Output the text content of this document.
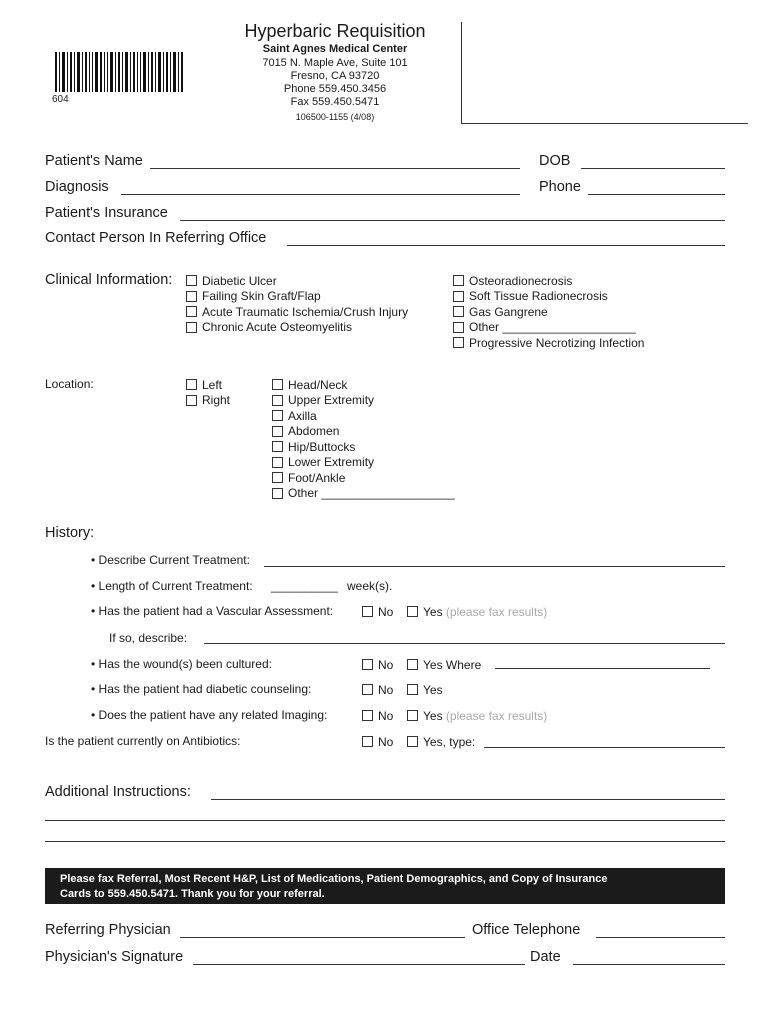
604
Hyperbaric Requisition
Saint Agnes Medical Center
7015 N. Maple Ave, Suite 101
Fresno, CA 93720
Phone 559.450.3456
Fax 559.450.5471
106500-1155 (4/08)
Patient's Name	DOB
Diagnosis	Phone
Patient's Insurance
Contact Person In Referring Office
Clinical Information: Diabetic Ulcer
Failing Skin Graft/Flap
Acute Traumatic Ischemia/Crush Injury
Chronic Acute Osteomyelitis
Osteoradionecrosis
Soft Tissue Radionecrosis
Gas Gangrene
Other ____________________
Progressive Necrotizing Infection
Location:	Left
Right
Head/Neck
Upper Extremity
Axilla
Abdomen
Hip/Buttocks
Lower Extremity
Foot/Ankle
Other ____________________
History:
• Describe Current Treatment:
• Length of Current Treatment: __________ week(s).
• Has the patient had a Vascular Assessment:	No Yes
(please fax results)
If so, describe:
• Has the wound(s) been cultured:	No Yes Where
• Has the patient had diabetic counseling:	No Yes
• Does the patient have any related Imaging:	No Yes
(please fax results)
Is the patient currently on Antibiotics:	No Yes, type:
Additional Instructions:
Please fax Referral, Most Recent H&P, List of Medications, Patient Demographics, and Copy of Insurance
Cards to 559.450.5471. Thank you for your referral.
Referring Physician	Office Telephone
Physician's Signature	Date
